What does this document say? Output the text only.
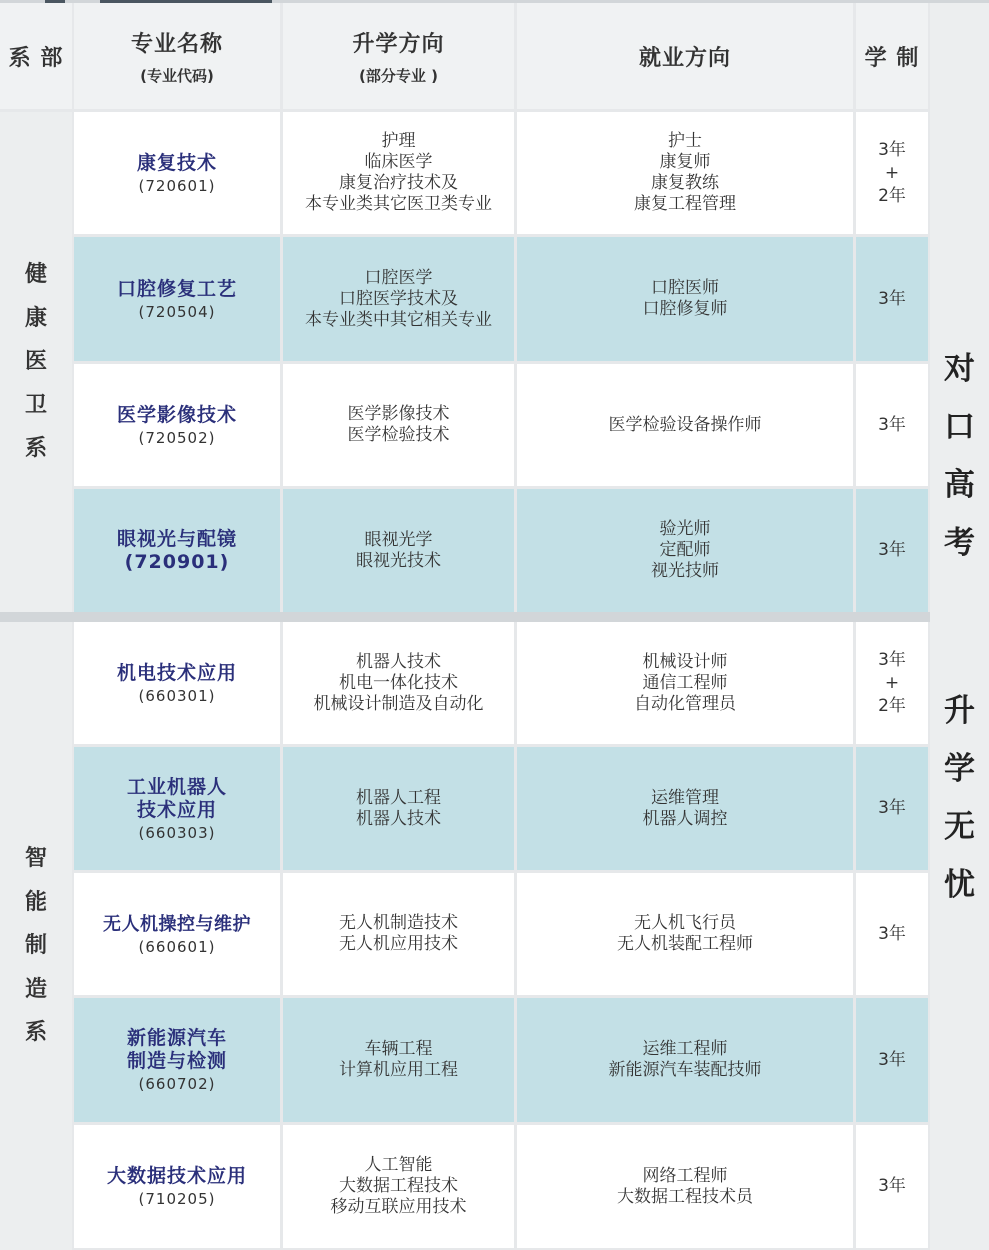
系 部
专业名称
(专业代码)
升学方向
(部分专业 )
就业方向	学 制
健
康
医
卫
系
智
能
制
造
系
康复技术
(720601)
护理
临床医学
康复治疗技术及
本专业类其它医卫类专业
护士
康复师
康复教练
康复工程管理
3年
+
2年
口腔修复工艺
(720504)
口腔医学
口腔医学技术及
本专业类中其它相关专业
口腔医师
口腔修复师
3年
医学影像技术
(720502)
医学影像技术
医学检验技术
医学检验设备操作师	3年
眼视光与配镜
(720901)
眼视光学
眼视光技术
验光师
定配师
视光技师
3年
机电技术应用
(660301)
机器人技术
机电一体化技术
机械设计制造及自动化
机械设计师
通信工程师
自动化管理员
3年
+
2年
工业机器人
技术应用
(660303)
机器人工程
机器人技术
运维管理
机器人调控
3年
无人机操控与维护
(660601)
无人机制造技术
无人机应用技术
无人机飞行员
无人机装配工程师
3年
新能源汽车
制造与检测
(660702)
车辆工程
计算机应用工程
运维工程师
新能源汽车装配技师
3年
大数据技术应用
(710205)
人工智能
大数据工程技术
移动互联应用技术
网络工程师
大数据工程技术员
3年
对
口
高
考
升
学
无
忧
